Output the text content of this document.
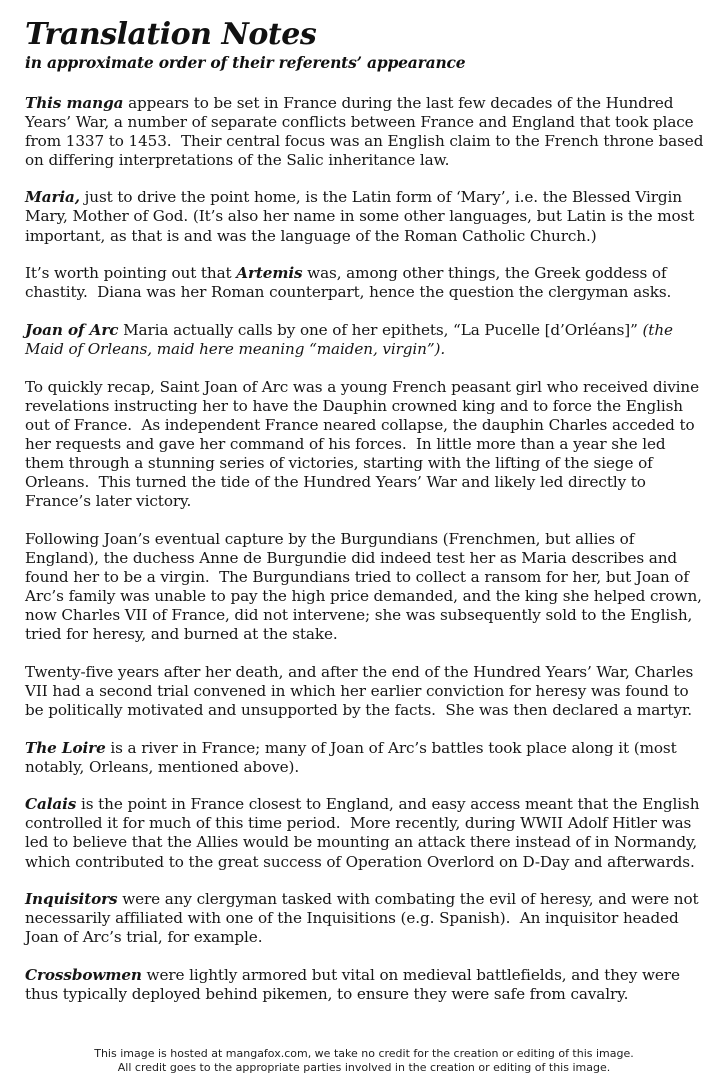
Translation Notes
in approximate order of their referents’ appearance

This manga appears to be set in France during the last few decades of the Hundred Years’ War, a number of separate conflicts between France and England that took place from 1337 to 1453.  Their central focus was an English claim to the French throne based on differing interpretations of the Salic inheritance law.

Maria, just to drive the point home, is the Latin form of ‘Mary’, i.e. the Blessed Virgin Mary, Mother of God. (It’s also her name in some other languages, but Latin is the most important, as that is and was the language of the Roman Catholic Church.)

It’s worth pointing out that Artemis was, among other things, the Greek goddess of chastity.  Diana was her Roman counterpart, hence the question the clergyman asks.

Joan of Arc Maria actually calls by one of her epithets, “La Pucelle [d’Orléans]” (the Maid of Orleans, maid here meaning “maiden, virgin”).

To quickly recap, Saint Joan of Arc was a young French peasant girl who received divine revelations instructing her to have the Dauphin crowned king and to force the English out of France.  As independent France neared collapse, the dauphin Charles acceded to her requests and gave her command of his forces.  In little more than a year she led them through a stunning series of victories, starting with the lifting of the siege of Orleans.  This turned the tide of the Hundred Years’ War and likely led directly to France’s later victory.

Following Joan’s eventual capture by the Burgundians (Frenchmen, but allies of England), the duchess Anne de Burgundie did indeed test her as Maria describes and found her to be a virgin.  The Burgundians tried to collect a ransom for her, but Joan of Arc’s family was unable to pay the high price demanded, and the king she helped crown, now Charles VII of France, did not intervene; she was subsequently sold to the English, tried for heresy, and burned at the stake.

Twenty-five years after her death, and after the end of the Hundred Years’ War, Charles VII had a second trial convened in which her earlier conviction for heresy was found to be politically motivated and unsupported by the facts.  She was then declared a martyr.

The Loire is a river in France; many of Joan of Arc’s battles took place along it (most notably, Orleans, mentioned above).

Calais is the point in France closest to England, and easy access meant that the English controlled it for much of this time period.  More recently, during WWII Adolf Hitler was led to believe that the Allies would be mounting an attack there instead of in Normandy, which contributed to the great success of Operation Overlord on D-Day and afterwards.

Inquisitors were any clergyman tasked with combating the evil of heresy, and were not necessarily affiliated with one of the Inquisitions (e.g. Spanish).  An inquisitor headed Joan of Arc’s trial, for example.

Crossbowmen were lightly armored but vital on medieval battlefields, and they were thus typically deployed behind pikemen, to ensure they were safe from cavalry.

This image is hosted at mangafox.com, we take no credit for the creation or editing of this image.
All credit goes to the appropriate parties involved in the creation or editing of this image.
